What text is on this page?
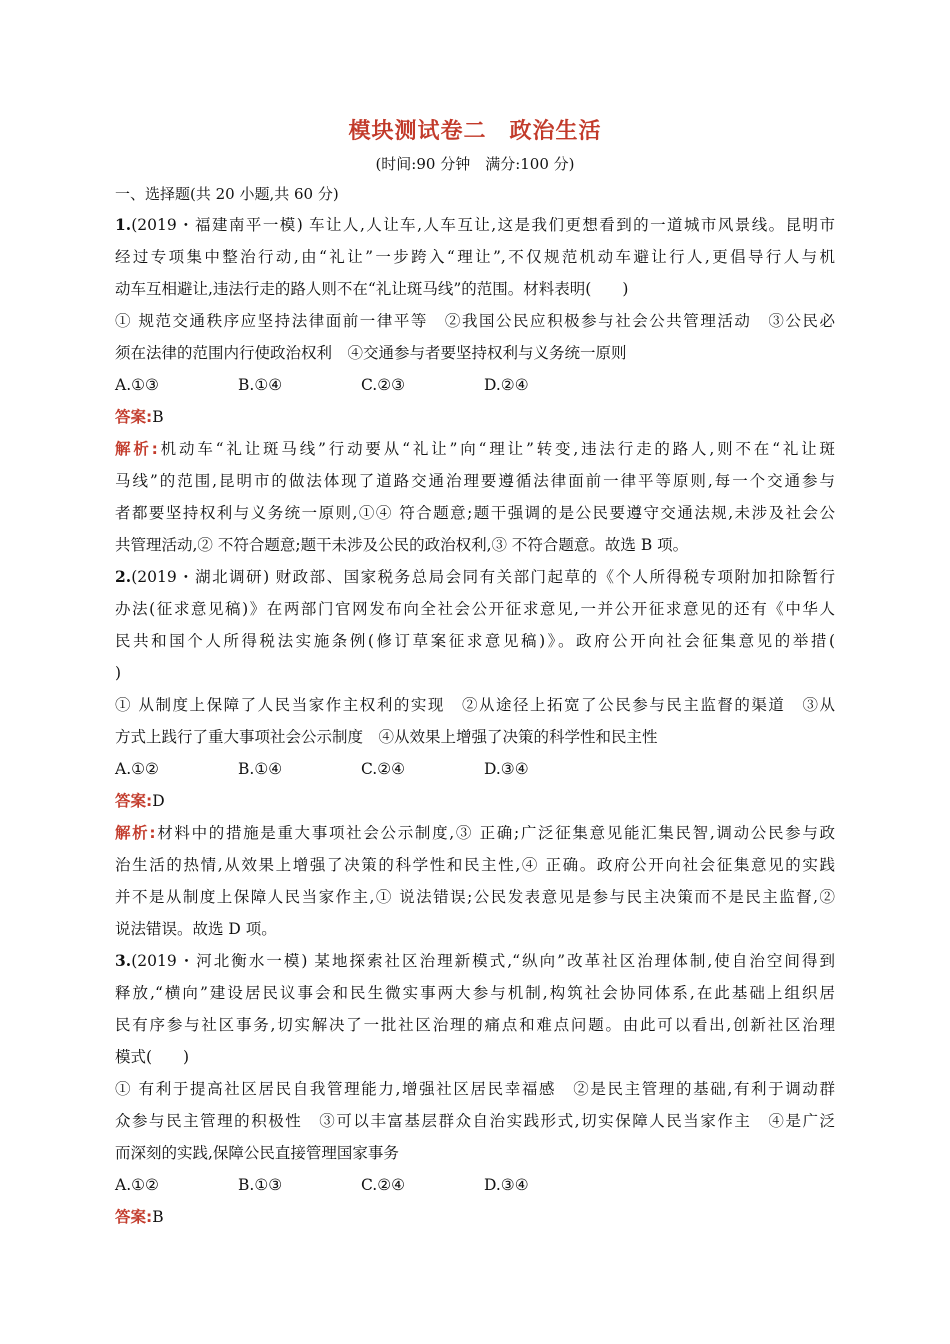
模块测试卷二　政治生活
(时间:90 分钟　满分:100 分)
一、选择题(共 20 小题,共 60 分)
1.(2019・福建南平一模) 车让人,人让车,人车互让,这是我们更想看到的一道城市风景线。昆明市
经过专项集中整治行动,由“礼让”一步跨入“理让”,不仅规范机动车避让行人,更倡导行人与机
动车互相避让,违法行走的路人则不在“礼让斑马线”的范围。材料表明(　　)
① 规范交通秩序应坚持法律面前一律平等　②我国公民应积极参与社会公共管理活动　③公民必
须在法律的范围内行使政治权利　④交通参与者要坚持权利与义务统一原则
A.①③	B.①④	C.②③	D.②④
答案:B
解析:机动车“礼让斑马线”行动要从“礼让”向“理让”转变,违法行走的路人,则不在“礼让斑
马线”的范围,昆明市的做法体现了道路交通治理要遵循法律面前一律平等原则,每一个交通参与
者都要坚持权利与义务统一原则,①④ 符合题意;题干强调的是公民要遵守交通法规,未涉及社会公
共管理活动,② 不符合题意;题干未涉及公民的政治权利,③ 不符合题意。故选 B 项。
2.(2019・湖北调研) 财政部、国家税务总局会同有关部门起草的《个人所得税专项附加扣除暂行
办法(征求意见稿)》在两部门官网发布向全社会公开征求意见,一并公开征求意见的还有《中华人
民共和国个人所得税法实施条例(修订草案征求意见稿)》。政府公开向社会征集意见的举措(
)
① 从制度上保障了人民当家作主权利的实现　②从途径上拓宽了公民参与民主监督的渠道　③从
方式上践行了重大事项社会公示制度　④从效果上增强了决策的科学性和民主性
A.①②	B.①④	C.②④	D.③④
答案:D
解析:材料中的措施是重大事项社会公示制度,③ 正确;广泛征集意见能汇集民智,调动公民参与政
治生活的热情,从效果上增强了决策的科学性和民主性,④ 正确。政府公开向社会征集意见的实践
并不是从制度上保障人民当家作主,① 说法错误;公民发表意见是参与民主决策而不是民主监督,②
说法错误。故选 D 项。
3.(2019・河北衡水一模) 某地探索社区治理新模式,“纵向”改革社区治理体制,使自治空间得到
释放,“横向”建设居民议事会和民生微实事两大参与机制,构筑社会协同体系,在此基础上组织居
民有序参与社区事务,切实解决了一批社区治理的痛点和难点问题。由此可以看出,创新社区治理
模式(　　)
① 有利于提高社区居民自我管理能力,增强社区居民幸福感　②是民主管理的基础,有利于调动群
众参与民主管理的积极性　③可以丰富基层群众自治实践形式,切实保障人民当家作主　④是广泛
而深刻的实践,保障公民直接管理国家事务
A.①②	B.①③	C.②④	D.③④
答案:B
